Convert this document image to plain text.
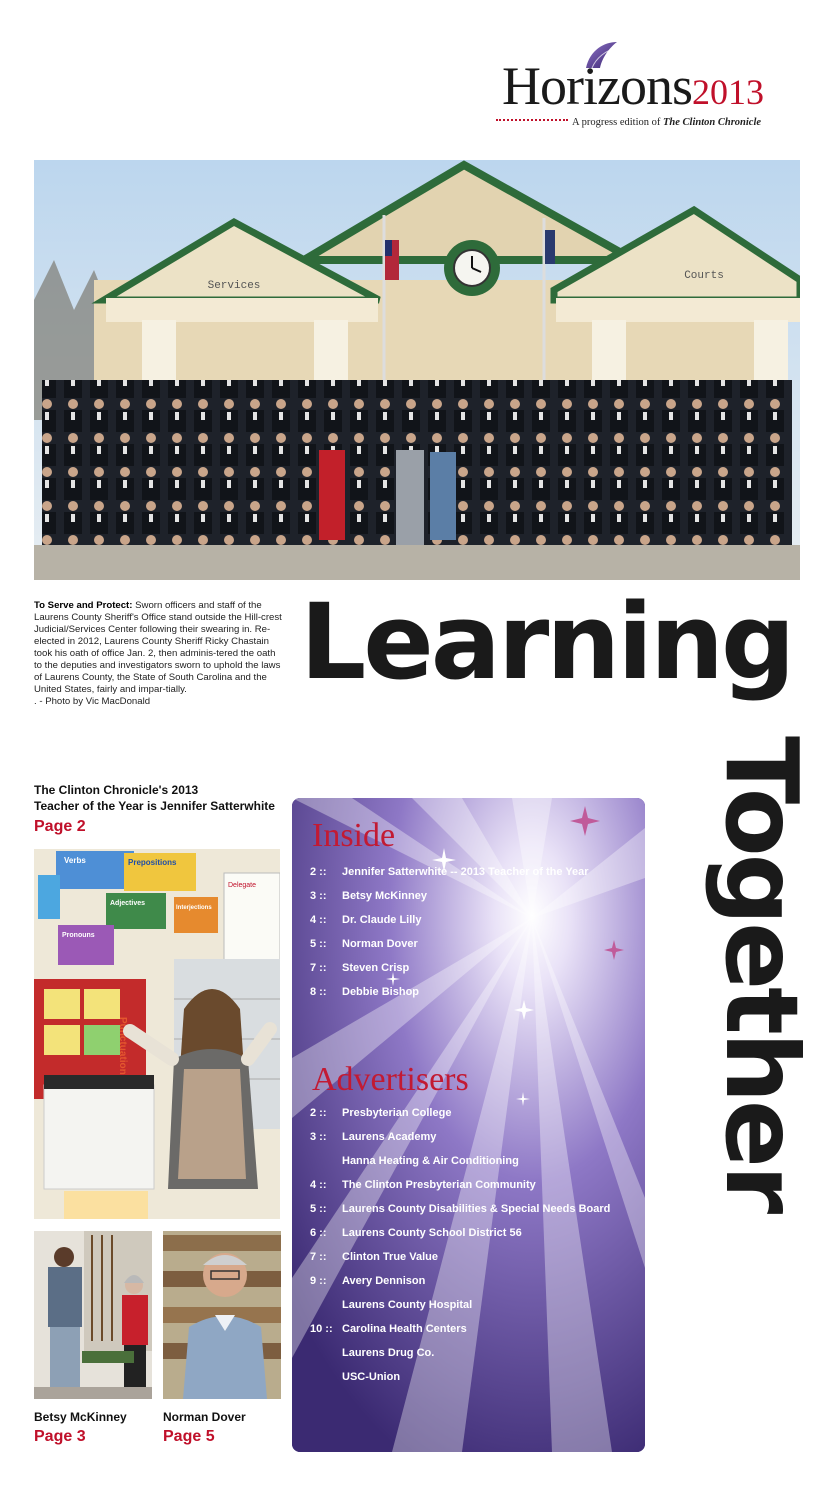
Horizons2013
A progress edition of The Clinton Chronicle
Services
Courts
To Serve and Protect: Sworn officers and staff of the Laurens County Sheriff's Office stand outside the Hill-crest Judicial/Services Center following their swearing in. Re-elected in 2012, Laurens County Sheriff Ricky Chastain took his oath of office Jan. 2, then adminis-tered the oath to the deputies and investigators sworn to uphold the laws of Laurens County, the State of South Carolina and the United States, fairly and impar-tially.
. - Photo by Vic MacDonald	Learning
Together
The Clinton Chronicle's 2013
Teacher of the Year is Jennifer Satterwhite
Page 2
Verbs	Prepositions
Adjectives
Interjections
Pronouns
Delegate
Punctuation
Betsy McKinney
Page 3
Norman Dover
Page 5
Inside
2 ::	Jennifer Satterwhite -- 2013 Teacher of the Year
3 ::	Betsy McKinney
4 ::	Dr. Claude Lilly
5 ::	Norman Dover
7 ::	Steven Crisp
8 ::	Debbie Bishop
Advertisers
2 ::	Presbyterian College
3 ::	Laurens Academy
Hanna Heating & Air Conditioning
4 ::	The Clinton Presbyterian Community
5 ::	Laurens County Disabilities & Special Needs Board
6 ::	Laurens County School District 56
7 ::	Clinton True Value
9 ::	Avery Dennison
Laurens County Hospital
10 :: Carolina Health Centers
Laurens Drug Co.
USC-Union
